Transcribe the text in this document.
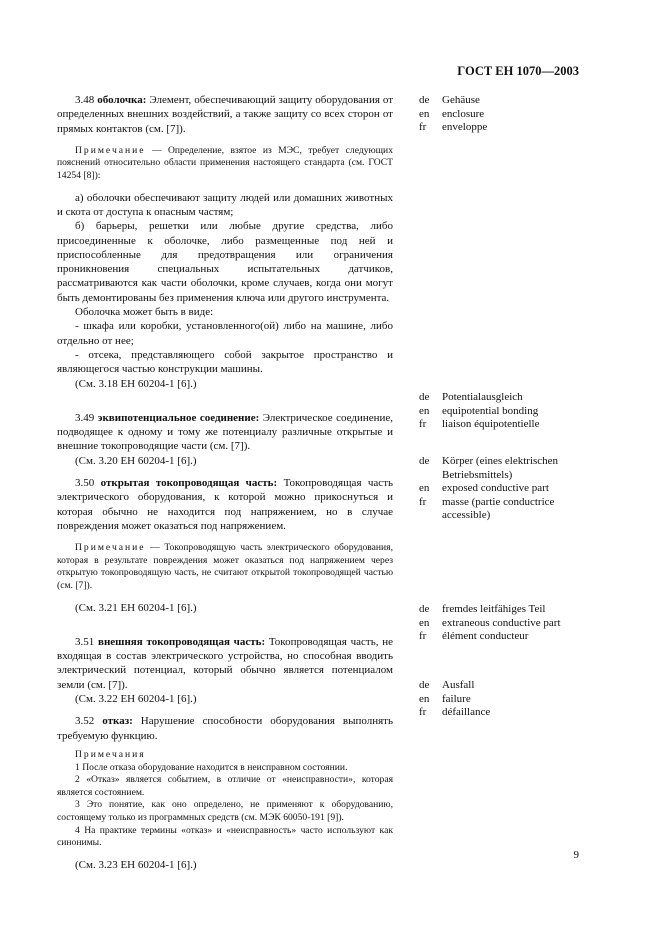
ГОСТ ЕН 1070—2003

3.48 оболочка: Элемент, обеспечивающий защиту оборудования от определенных внешних воздействий, а также защиту со всех сторон от прямых контактов (см. [7]).

Примечание — Определение, взятое из МЭС, требует следующих пояснений относительно области применения настоящего стандарта (см. ГОСТ 14254 [8]):

а) оболочки обеспечивают защиту людей или домашних животных и скота от доступа к опасным частям;

б) барьеры, решетки или любые другие средства, либо присоединенные к оболочке, либо размещенные под ней и приспособленные для предотвращения или ограничения проникновения специальных испытательных датчиков, рассматриваются как части оболочки, кроме случаев, когда они могут быть демонтированы без применения ключа или другого инструмента.

Оболочка может быть в виде:

- шкафа или коробки, установленного(ой) либо на машине, либо отдельно от нее;

- отсека, представляющего собой закрытое пространство и являющегося частью конструкции машины.

(См. 3.18 ЕН 60204-1 [6].)

3.49 эквипотенциальное соединение: Электрическое соединение, подводящее к одному и тому же потенциалу различные открытые и внешние токопроводящие части (см. [7]).

(См. 3.20 ЕН 60204-1 [6].)

3.50 открытая токопроводящая часть: Токопроводящая часть электрического оборудования, к которой можно прикоснуться и которая обычно не находится под напряжением, но в случае повреждения может оказаться под напряжением.

Примечание — Токопроводящую часть электрического оборудования, которая в результате повреждения может оказаться под напряжением через открытую токопроводящую часть, не считают открытой токопроводящей частью (см. [7]).

(См. 3.21 ЕН 60204-1 [6].)

3.51 внешняя токопроводящая часть: Токопроводящая часть, не входящая в состав электрического устройства, но способная вводить электрический потенциал, который обычно является потенциалом земли (см. [7]).

(См. 3.22 ЕН 60204-1 [6].)

3.52 отказ: Нарушение способности оборудования выполнять требуемую функцию.

Примечания

1 После отказа оборудование находится в неисправном состоянии.

2 «Отказ» является событием, в отличие от «неисправности», которая является состоянием.

3 Это понятие, как оно определено, не применяют к оборудованию, состоящему только из программных средств (см. МЭК 60050-191 [9]).

4 На практике термины «отказ» и «неисправность» часто используют как синонимы.

(См. 3.23 ЕН 60204-1 [6].)

de	Gehäuse
en	enclosure
fr	enveloppe
de	Potentialausgleich
en	equipotential bonding
fr	liaison équipotentielle
de	Körper (eines elektrischen Betriebsmittels)
en	exposed conductive part
fr	masse (partie conductrice accessible)
de	fremdes leitfähiges Teil
en	extraneous conductive part
fr	élément conducteur
de	Ausfall
en	failure
fr	défaillance
9
